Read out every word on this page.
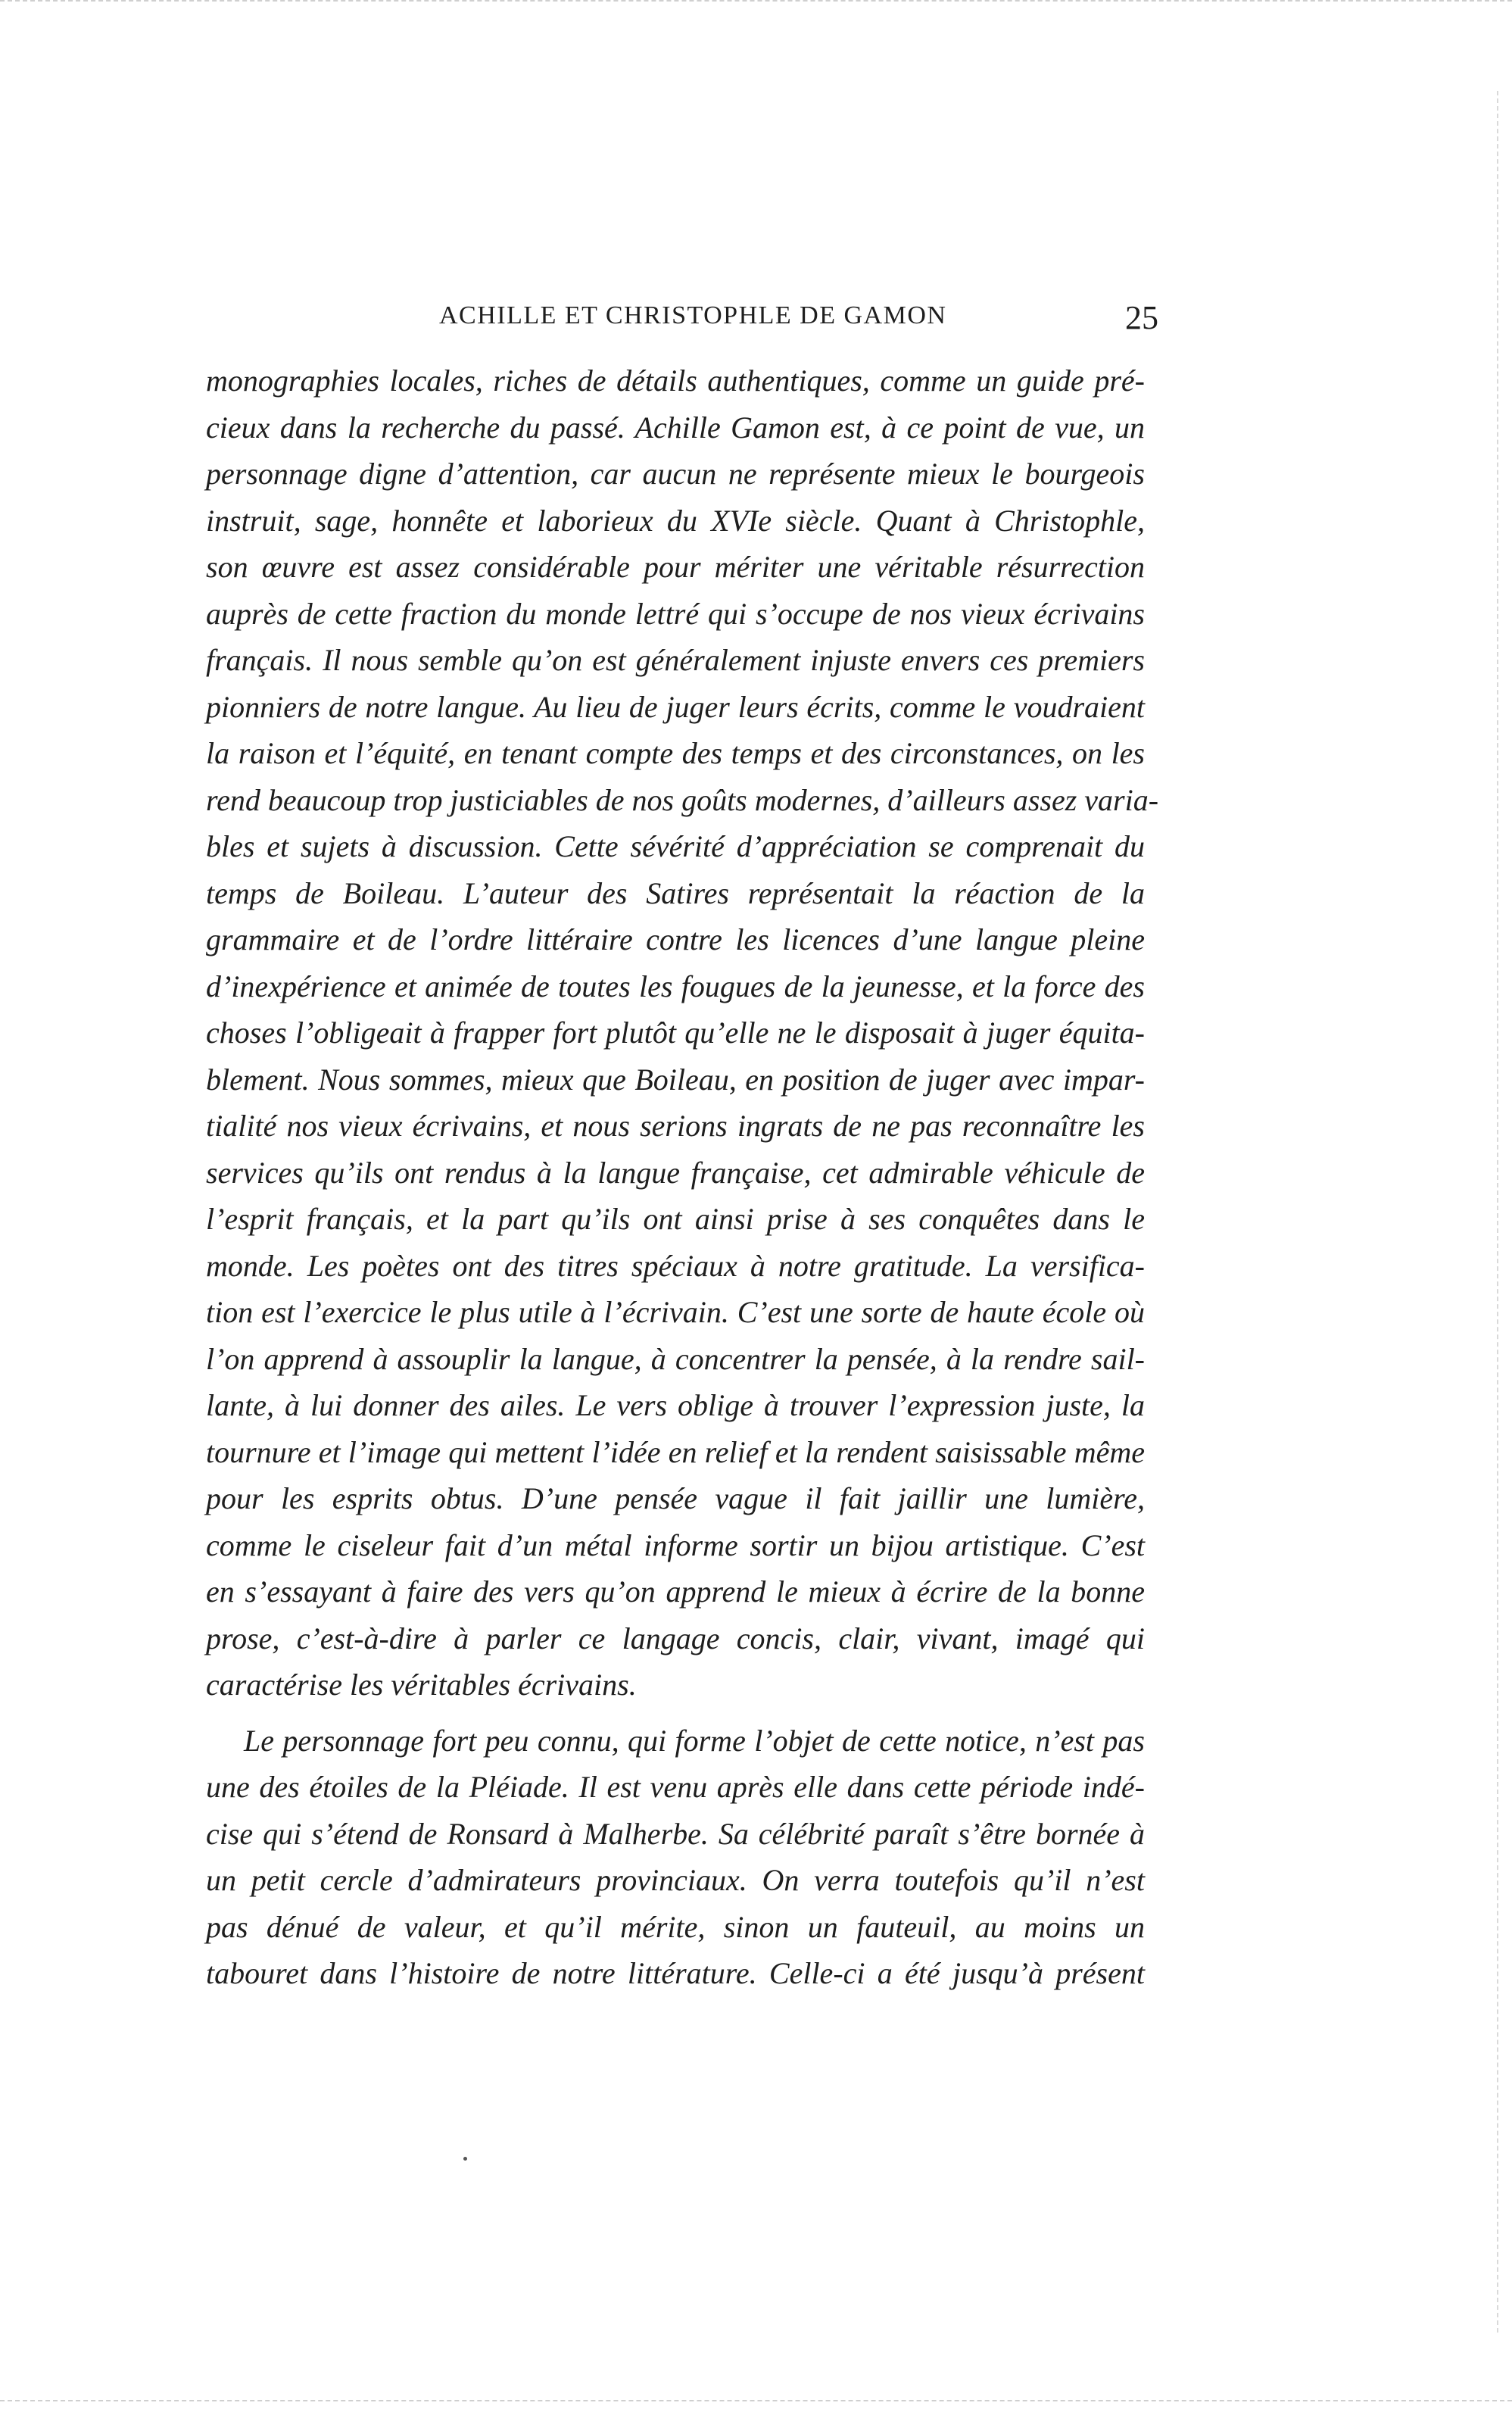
ACHILLE ET CHRISTOPHLE DE GAMON	25
monographies locales, riches de détails authentiques, comme un guide pré-
cieux dans la recherche du passé. Achille Gamon est, à ce point de vue, un
personnage digne d’attention, car aucun ne représente mieux le bourgeois
instruit, sage, honnête et laborieux du XVIe siècle. Quant à Christophle,
son œuvre est assez considérable pour mériter une véritable résurrection
auprès de cette fraction du monde lettré qui s’occupe de nos vieux écrivains
français. Il nous semble qu’on est généralement injuste envers ces premiers
pionniers de notre langue. Au lieu de juger leurs écrits, comme le voudraient
la raison et l’équité, en tenant compte des temps et des circonstances, on les
rend beaucoup trop justiciables de nos goûts modernes, d’ailleurs assez varia-
bles et sujets à discussion. Cette sévérité d’appréciation se comprenait du
temps de Boileau. L’auteur des Satires représentait la réaction de la
grammaire et de l’ordre littéraire contre les licences d’une langue pleine
d’inexpérience et animée de toutes les fougues de la jeunesse, et la force des
choses l’obligeait à frapper fort plutôt qu’elle ne le disposait à juger équita-
blement. Nous sommes, mieux que Boileau, en position de juger avec impar-
tialité nos vieux écrivains, et nous serions ingrats de ne pas reconnaître les
services qu’ils ont rendus à la langue française, cet admirable véhicule de
l’esprit français, et la part qu’ils ont ainsi prise à ses conquêtes dans le
monde. Les poètes ont des titres spéciaux à notre gratitude. La versifica-
tion est l’exercice le plus utile à l’écrivain. C’est une sorte de haute école où
l’on apprend à assouplir la langue, à concentrer la pensée, à la rendre sail-
lante, à lui donner des ailes. Le vers oblige à trouver l’expression juste, la
tournure et l’image qui mettent l’idée en relief et la rendent saisissable même
pour les esprits obtus. D’une pensée vague il fait jaillir une lumière,
comme le ciseleur fait d’un métal informe sortir un bijou artistique. C’est
en s’essayant à faire des vers qu’on apprend le mieux à écrire de la bonne
prose, c’est-à-dire à parler ce langage concis, clair, vivant, imagé qui
caractérise les véritables écrivains.
Le personnage fort peu connu, qui forme l’objet de cette notice, n’est pas
une des étoiles de la Pléiade. Il est venu après elle dans cette période indé-
cise qui s’étend de Ronsard à Malherbe. Sa célébrité paraît s’être bornée à
un petit cercle d’admirateurs provinciaux. On verra toutefois qu’il n’est
pas dénué de valeur, et qu’il mérite, sinon un fauteuil, au moins un
tabouret dans l’histoire de notre littérature. Celle-ci a été jusqu’à présent
